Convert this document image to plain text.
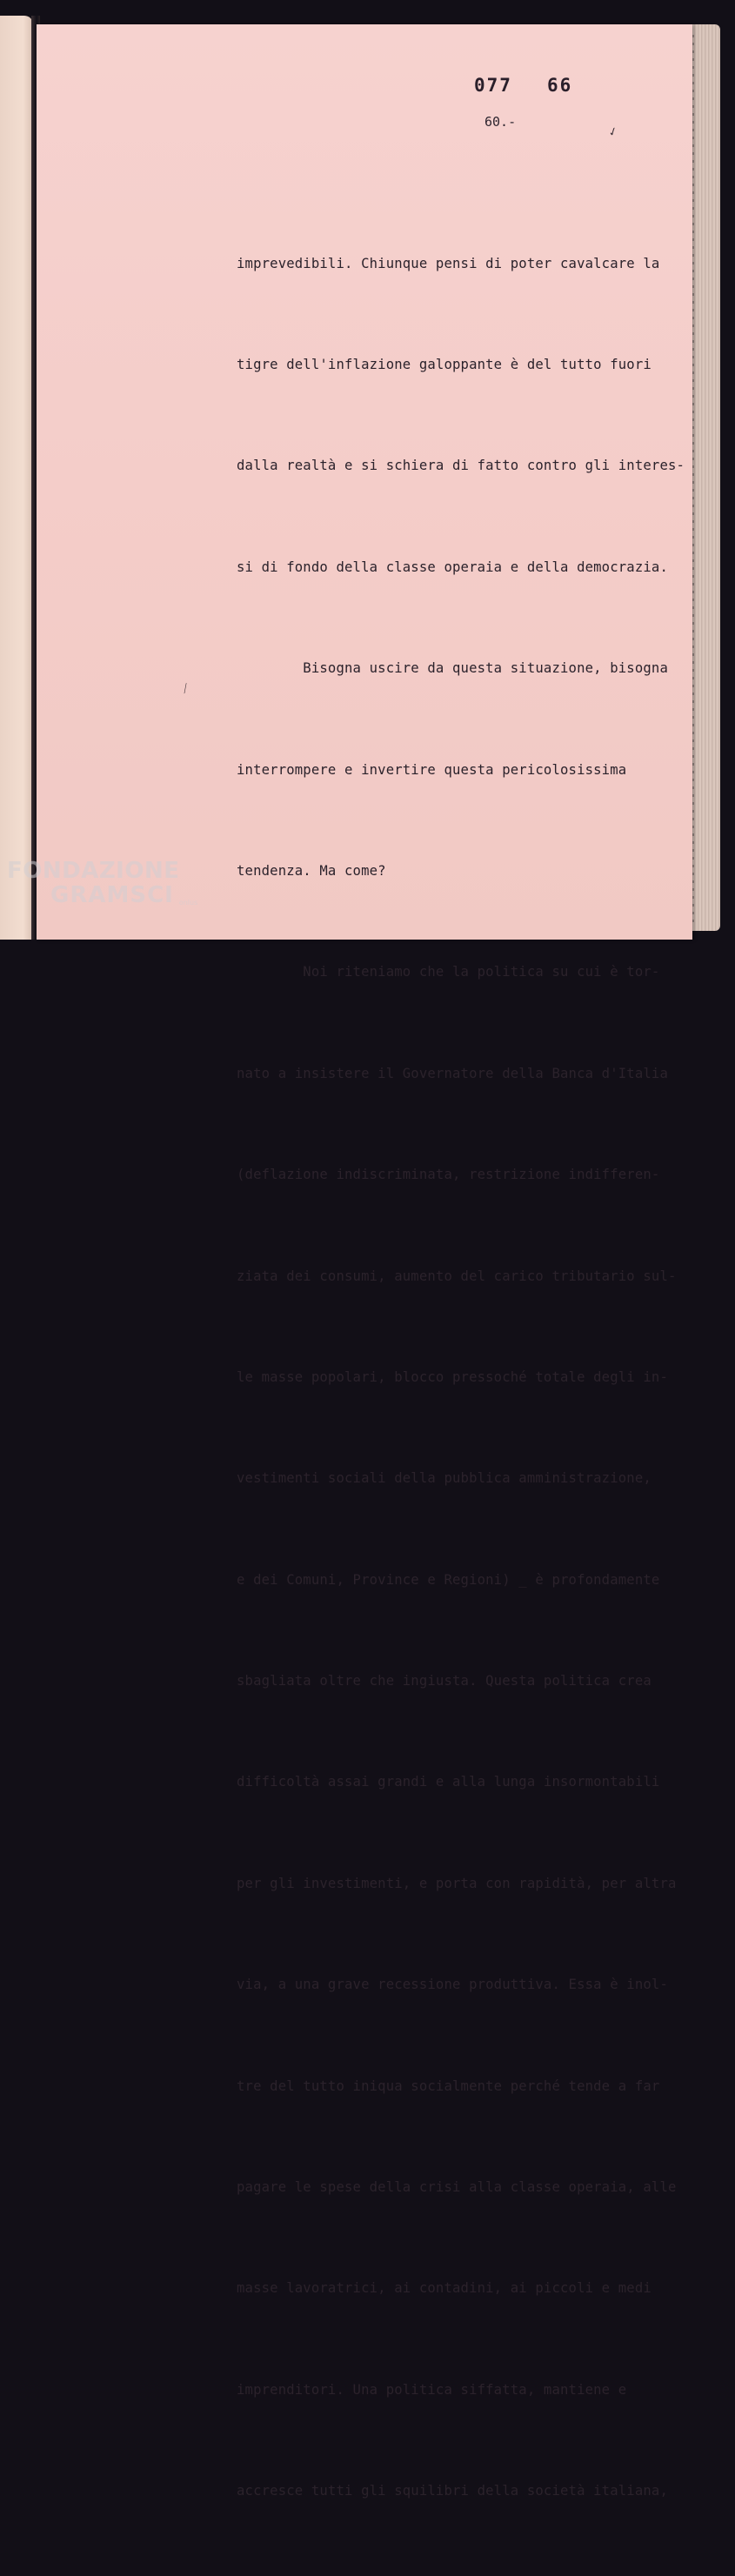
077 66
60.-
✓
⁄

imprevedibili. Chiunque pensi di poter cavalcare la

tigre dell'inflazione galoppante è del tutto fuori

dalla realtà e si schiera di fatto contro gli interes-

si di fondo della classe operaia e della democrazia.

Bisogna uscire da questa situazione, bisogna

interrompere e invertire questa pericolosissima

tendenza. Ma come?

Noi riteniamo che la politica su cui è tor-

nato a insistere il Governatore della Banca d'Italia

(deflazione indiscriminata, restrizione indifferen-

ziata dei consumi, aumento del carico tributario sul-

le masse popolari, blocco pressoché totale degli in-

vestimenti sociali della pubblica amministrazione,

e dei Comuni, Province e Regioni) _ è profondamente

sbagliata oltre che ingiusta. Questa politica crea

difficoltà assai grandi e alla lunga insormontabili

per gli investimenti, e porta con rapidità, per altra

via, a una grave recessione produttiva. Essa è inol-

tre del tutto iniqua socialmente perché tende a far

pagare le spese della crisi alla classe operaia, alle

masse lavoratrici, ai contadini, ai piccoli e medi

imprenditori. Una politica siffatta, mantiene e

accresce tutti gli squilibri della società italiana,

FONDAZIONE
GRAMSCI onlus
